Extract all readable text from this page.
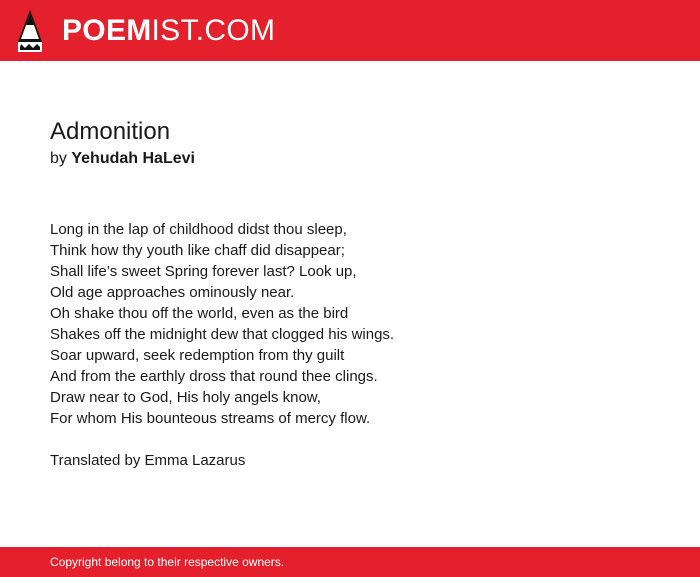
POEMIST.COM
Admonition
by Yehudah HaLevi
Long in the lap of childhood didst thou sleep,
Think how thy youth like chaff did disappear;
Shall life’s sweet Spring forever last? Look up,
Old age approaches ominously near.
Oh shake thou off the world, even as the bird
Shakes off the midnight dew that clogged his wings.
Soar upward, seek redemption from thy guilt
And from the earthly dross that round thee clings.
Draw near to God, His holy angels know,
For whom His bounteous streams of mercy flow.
Translated by Emma Lazarus
Copyright belong to their respective owners.
